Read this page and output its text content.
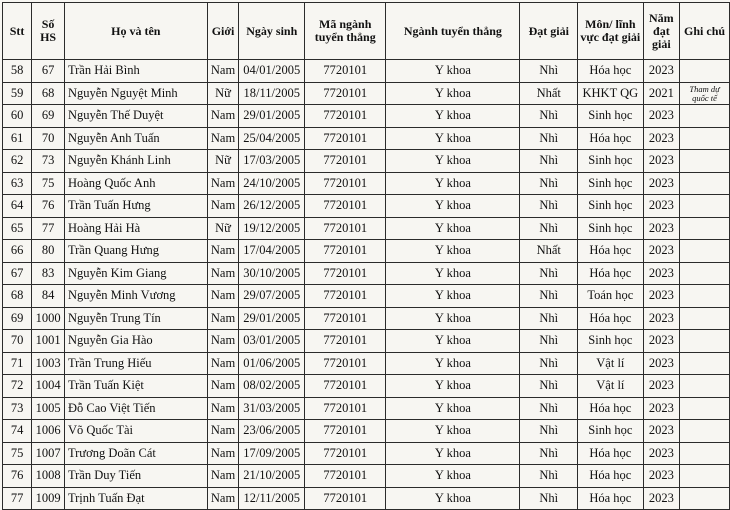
Stt	Số HS	Họ và tên	Giới	Ngày sinh	Mã ngành tuyển thẳng	Ngành tuyển thẳng	Đạt giải	Môn/ lĩnh vực đạt giải	Năm đạt giải	Ghi chú
58	67	Trần Hải Bình	Nam	04/01/2005	7720101	Y khoa	Nhì	Hóa học	2023	
59	68	Nguyễn Nguyệt Minh	Nữ	18/11/2005	7720101	Y khoa	Nhất	KHKT QG	2021	Tham dự quốc tế
60	69	Nguyễn Thế Duyệt	Nam	29/01/2005	7720101	Y khoa	Nhì	Sinh học	2023	
61	70	Nguyễn Anh Tuấn	Nam	25/04/2005	7720101	Y khoa	Nhì	Hóa học	2023	
62	73	Nguyễn Khánh Linh	Nữ	17/03/2005	7720101	Y khoa	Nhì	Sinh học	2023	
63	75	Hoàng Quốc Anh	Nam	24/10/2005	7720101	Y khoa	Nhì	Sinh học	2023	
64	76	Trần Tuấn Hưng	Nam	26/12/2005	7720101	Y khoa	Nhì	Sinh học	2023	
65	77	Hoàng Hải Hà	Nữ	19/12/2005	7720101	Y khoa	Nhì	Sinh học	2023	
66	80	Trần Quang Hưng	Nam	17/04/2005	7720101	Y khoa	Nhất	Hóa học	2023	
67	83	Nguyễn Kim Giang	Nam	30/10/2005	7720101	Y khoa	Nhì	Hóa học	2023	
68	84	Nguyễn Minh Vương	Nam	29/07/2005	7720101	Y khoa	Nhì	Toán học	2023	
69	1000	Nguyễn Trung Tín	Nam	29/01/2005	7720101	Y khoa	Nhì	Hóa học	2023	
70	1001	Nguyễn Gia Hào	Nam	03/01/2005	7720101	Y khoa	Nhì	Sinh học	2023	
71	1003	Trần Trung Hiếu	Nam	01/06/2005	7720101	Y khoa	Nhì	Vật lí	2023	
72	1004	Trần Tuấn Kiệt	Nam	08/02/2005	7720101	Y khoa	Nhì	Vật lí	2023	
73	1005	Đỗ Cao Việt Tiến	Nam	31/03/2005	7720101	Y khoa	Nhì	Hóa học	2023	
74	1006	Võ Quốc Tài	Nam	23/06/2005	7720101	Y khoa	Nhì	Sinh học	2023	
75	1007	Trương Doãn Cát	Nam	17/09/2005	7720101	Y khoa	Nhì	Hóa học	2023	
76	1008	Trần Duy Tiến	Nam	21/10/2005	7720101	Y khoa	Nhì	Hóa học	2023	
77	1009	Trịnh Tuấn Đạt	Nam	12/11/2005	7720101	Y khoa	Nhì	Hóa học	2023	
